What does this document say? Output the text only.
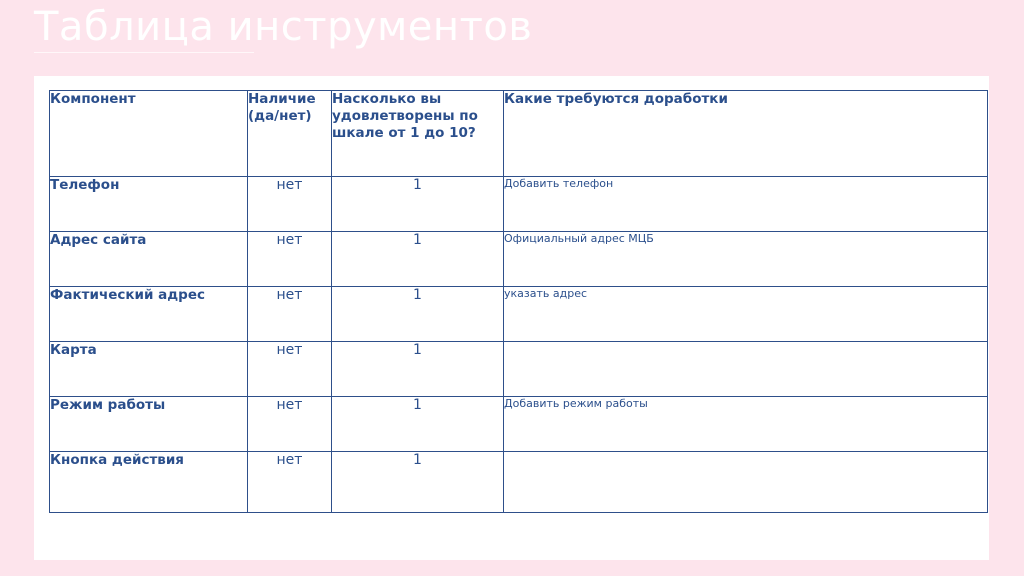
Таблица инструментов
Компонент	Наличие (да/нет)	Насколько вы удовлетворены по шкале от 1 до 10?	Какие требуются доработки
Телефон	нет	1	Добавить телефон
Адрес сайта	нет	1	Официальный адрес МЦБ
Фактический адрес	нет	1	указать адрес
Карта	нет	1	
Режим работы	нет	1	Добавить режим работы
Кнопка действия	нет	1	
